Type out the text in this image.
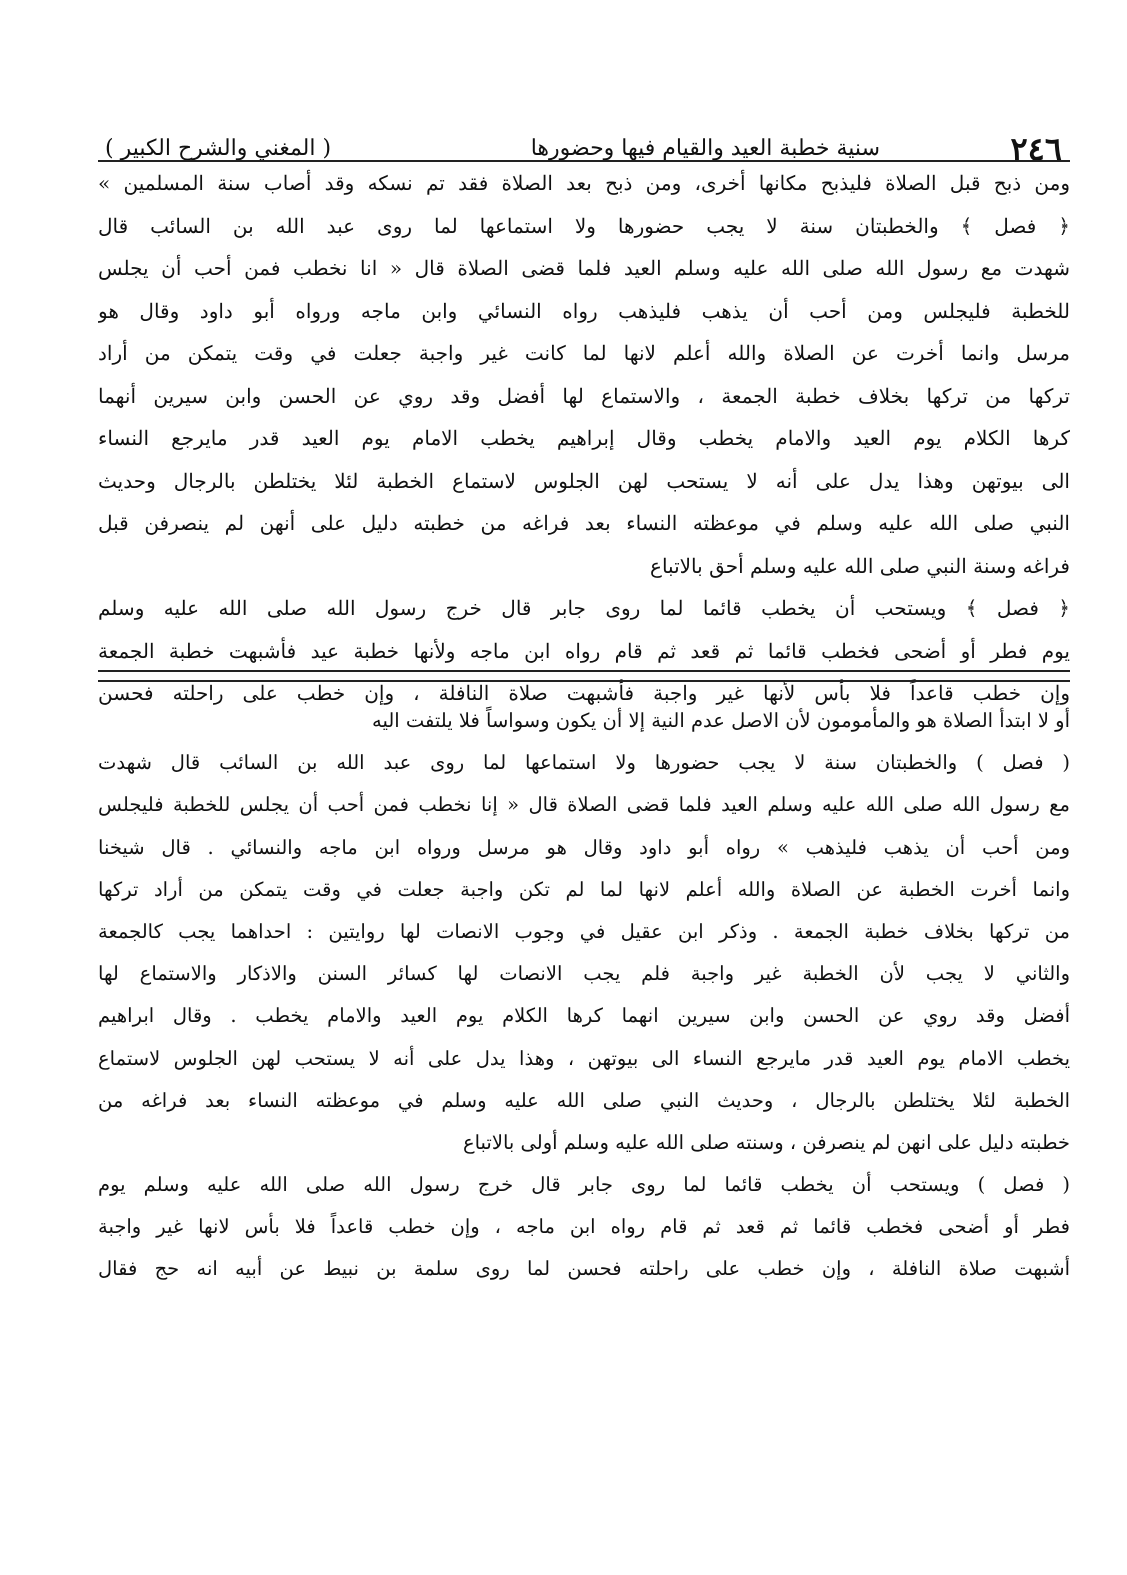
٢٤٦
سنية خطبة العيد والقيام فيها وحضورها
( المغني والشرح الكبير )
ومن ذبح قبل الصلاة فليذبح مكانها أخرى، ومن ذبح بعد الصلاة فقد تم نسكه وقد أصاب سنة المسلمين »
﴿ فصل ﴾ والخطبتان سنة لا يجب حضورها ولا استماعها لما روى عبد الله بن السائب قال
شهدت مع رسول الله صلى الله عليه وسلم العيد فلما قضى الصلاة قال « انا نخطب فمن أحب أن يجلس
للخطبة فليجلس ومن أحب أن يذهب فليذهب رواه النسائي وابن ماجه ورواه أبو داود وقال هو
مرسل وانما أخرت عن الصلاة والله أعلم لانها لما كانت غير واجبة جعلت في وقت يتمكن من أراد
تركها من تركها بخلاف خطبة الجمعة ، والاستماع لها أفضل وقد روي عن الحسن وابن سيرين أنهما
كرها الكلام يوم العيد والامام يخطب وقال إبراهيم يخطب الامام يوم العيد قدر مايرجع النساء
الى بيوتهن وهذا يدل على أنه لا يستحب لهن الجلوس لاستماع الخطبة لئلا يختلطن بالرجال وحديث
النبي صلى الله عليه وسلم في موعظته النساء بعد فراغه من خطبته دليل على أنهن لم ينصرفن قبل
فراغه وسنة النبي صلى الله عليه وسلم أحق بالاتباع
﴿ فصل ﴾ ويستحب أن يخطب قائما لما روى جابر قال خرج رسول الله صلى الله عليه وسلم
يوم فطر أو أضحى فخطب قائما ثم قعد ثم قام رواه ابن ماجه ولأنها خطبة عيد فأشبهت خطبة الجمعة
وإن خطب قاعداً فلا بأس لأنها غير واجبة فأشبهت صلاة النافلة ، وإن خطب على راحلته فحسن
أو لا ابتدأ الصلاة هو والمأمومون لأن الاصل عدم النية إلا أن يكون وسواساً فلا يلتفت اليه
( فصل ) والخطبتان سنة لا يجب حضورها ولا استماعها لما روى عبد الله بن السائب قال شهدت
مع رسول الله صلى الله عليه وسلم العيد فلما قضى الصلاة قال « إنا نخطب فمن أحب أن يجلس للخطبة فليجلس
ومن أحب أن يذهب فليذهب » رواه أبو داود وقال هو مرسل ورواه ابن ماجه والنسائي . قال شيخنا
وانما أخرت الخطبة عن الصلاة والله أعلم لانها لما لم تكن واجبة جعلت في وقت يتمكن من أراد تركها
من تركها بخلاف خطبة الجمعة . وذكر ابن عقيل في وجوب الانصات لها روايتين : احداهما يجب كالجمعة
والثاني لا يجب لأن الخطبة غير واجبة فلم يجب الانصات لها كسائر السنن والاذكار والاستماع لها
أفضل وقد روي عن الحسن وابن سيرين انهما كرها الكلام يوم العيد والامام يخطب . وقال ابراهيم
يخطب الامام يوم العيد قدر مايرجع النساء الى بيوتهن ، وهذا يدل على أنه لا يستحب لهن الجلوس لاستماع
الخطبة لئلا يختلطن بالرجال ، وحديث النبي صلى الله عليه وسلم في موعظته النساء بعد فراغه من
خطبته دليل على انهن لم ينصرفن ، وسنته صلى الله عليه وسلم أولى بالاتباع
( فصل ) ويستحب أن يخطب قائما لما روى جابر قال خرج رسول الله صلى الله عليه وسلم يوم
فطر أو أضحى فخطب قائما ثم قعد ثم قام رواه ابن ماجه ، وإن خطب قاعداً فلا بأس لانها غير واجبة
أشبهت صلاة النافلة ، وإن خطب على راحلته فحسن لما روى سلمة بن نبيط عن أبيه انه حج فقال
